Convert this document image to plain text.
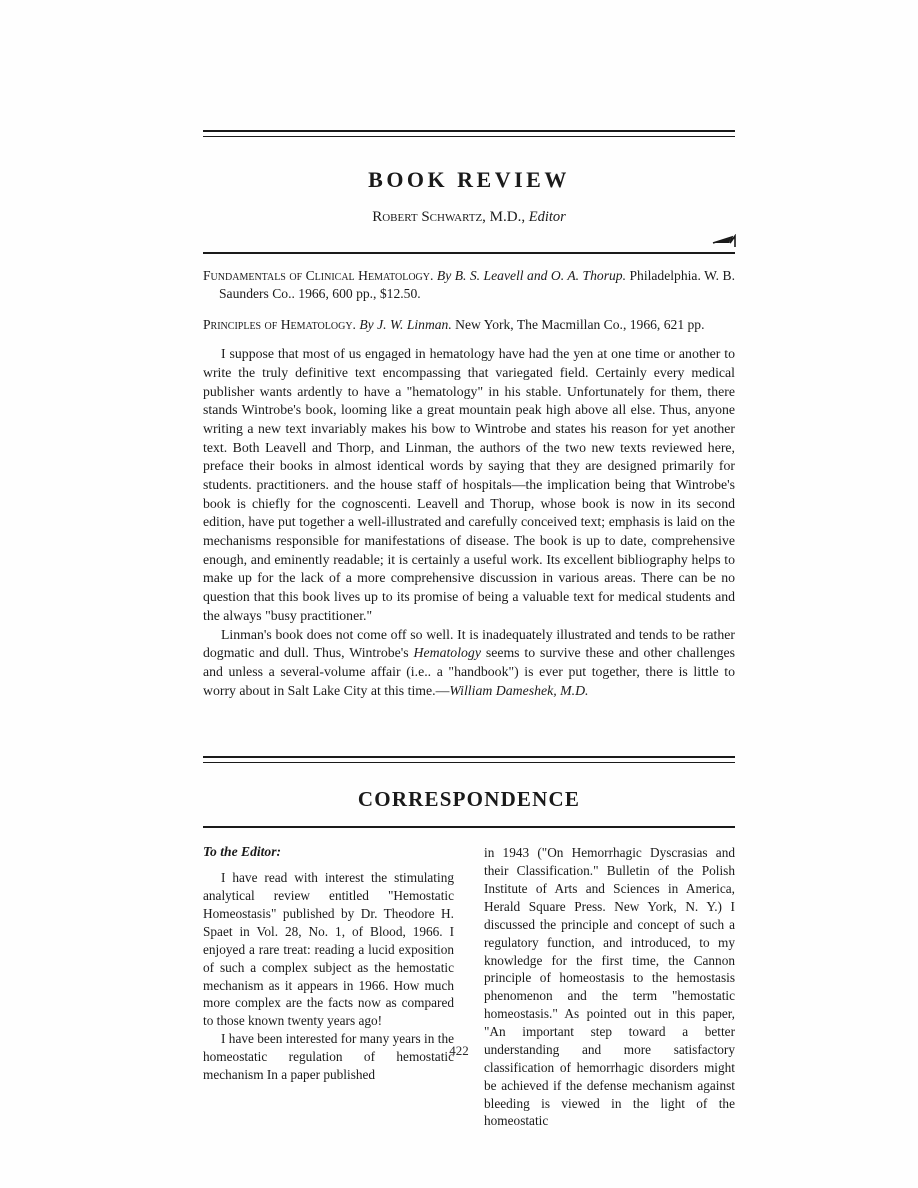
BOOK REVIEW
Robert Schwartz, M.D., Editor
Fundamentals of Clinical Hematology. By B. S. Leavell and O. A. Thorup. Philadelphia. W. B. Saunders Co.. 1966, 600 pp., $12.50.
Principles of Hematology. By J. W. Linman. New York, The Macmillan Co., 1966, 621 pp.

I suppose that most of us engaged in hematology have had the yen at one time or another to write the truly definitive text encompassing that variegated field. Certainly every medical publisher wants ardently to have a "hematology" in his stable. Unfortunately for them, there stands Wintrobe's book, looming like a great mountain peak high above all else. Thus, anyone writing a new text invariably makes his bow to Wintrobe and states his reason for yet another text. Both Leavell and Thorp, and Linman, the authors of the two new texts reviewed here, preface their books in almost identical words by saying that they are designed primarily for students. practitioners. and the house staff of hospitals—the implication being that Wintrobe's book is chiefly for the cognoscenti. Leavell and Thorup, whose book is now in its second edition, have put together a well-illustrated and carefully conceived text; emphasis is laid on the mechanisms responsible for manifestations of disease. The book is up to date, comprehensive enough, and eminently readable; it is certainly a useful work. Its excellent bibliography helps to make up for the lack of a more comprehensive discussion in various areas. There can be no question that this book lives up to its promise of being a valuable text for medical students and the always "busy practitioner."

Linman's book does not come off so well. It is inadequately illustrated and tends to be rather dogmatic and dull. Thus, Wintrobe's Hematology seems to survive these and other challenges and unless a several-volume affair (i.e.. a "handbook") is ever put together, there is little to worry about in Salt Lake City at this time.—William Dameshek, M.D.

CORRESPONDENCE
To the Editor:

I have read with interest the stimulating analytical review entitled "Hemostatic Homeostasis" published by Dr. Theodore H. Spaet in Vol. 28, No. 1, of Blood, 1966. I enjoyed a rare treat: reading a lucid exposition of such a complex subject as the hemostatic mechanism as it appears in 1966. How much more complex are the facts now as compared to those known twenty years ago!

I have been interested for many years in the homeostatic regulation of hemostatic mechanism In a paper published

in 1943 ("On Hemorrhagic Dyscrasias and their Classification." Bulletin of the Polish Institute of Arts and Sciences in America, Herald Square Press. New York, N. Y.) I discussed the principle and concept of such a regulatory function, and introduced, to my knowledge for the first time, the Cannon principle of homeostasis to the hemostasis phenomenon and the term "hemostatic homeostasis." As pointed out in this paper, "An important step toward a better understanding and more satisfactory classification of hemorrhagic disorders might be achieved if the defense mechanism against bleeding is viewed in the light of the homeostatic

422
